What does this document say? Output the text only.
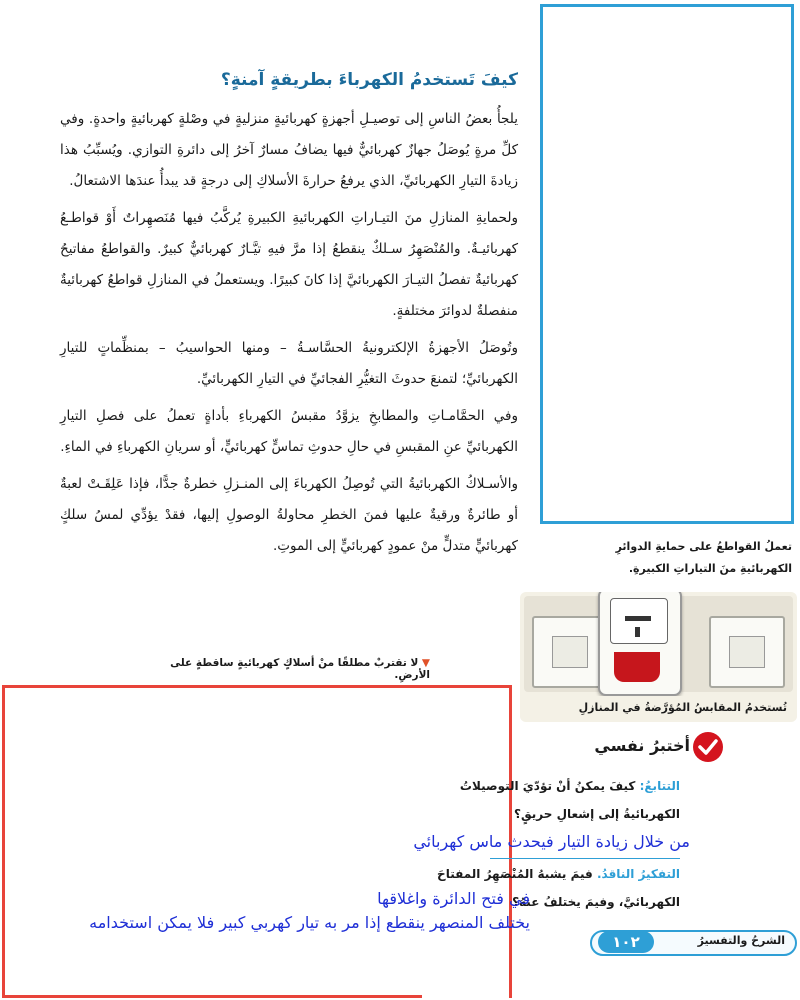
كيفَ تَستخدمُ الكهرباءَ بطريقةٍ آمنةٍ؟

يلجأُ بعضُ الناسِ إلى توصيـلِ أجهزةٍ كهربائيةٍ منزليةٍ في وصْلةٍ كهربائيةٍ واحدةٍ. وفي كلِّ مرةٍ يُوصَلُ جهازٌ كهربائيٌّ فيها يضافُ مسارٌ آخرُ إلى دائرةِ التوازي. ويُسبِّبُ هذا زيادةَ التيارِ الكهربائيِّ، الذي يرفعُ حرارةَ الأسلاكِ إلى درجةٍ قد يبدأُ عندَها الاشتعالُ.

ولحمايةِ المنازلِ منَ التيـاراتِ الكهربائيةِ الكبيرةِ يُركَّبُ فيها مُنَصهِراتٌ أَوْ قواطـعُ كهربائيـةٌ. والمُنْصَهِرُ سـلكٌ ينقطعُ إذا مرَّ فيهِ تيَّـارٌ كهربائيٌّ كبيرٌ. والقواطعُ مفاتيحُ كهربائيةٌ تفصلُ التيـارَ الكهربائيَّ إذا كانَ كبيرًا. ويستعملُ في المنازلِ قواطعُ كهربائيةٌ منفصلةٌ لدوائرَ مختلفةٍ.

وتُوصَلُ الأجهزةُ الإلكترونيةُ الحسَّاسـةُ – ومنها الحواسيبُ – بمنظِّماتٍ للتيارِ الكهربائيِّ؛ لتمنعَ حدوثَ التغيُّرِ الفجائيِّ في التيارِ الكهربائيِّ.

وفي الحمَّامـاتِ والمطابخِ يزوَّدُ مقبسُ الكهرباءِ بأداةٍ تعملُ على فصلِ التيارِ الكهربائيِّ عنِ المقبسِ في حالِ حدوثِ تماسٍّ كهربائيٍّ، أو سريانِ الكهرباءِ في الماءِ.

والأسـلاكُ الكهربائيةُ التي تُوصِلُ الكهرباءَ إلى المنـزلِ خطرةٌ جدًّا، فإذا عَلِقَـتْ لعبةٌ أو طائرةٌ ورقيةٌ عليها فمنَ الخطرِ محاولةُ الوصولِ إليها، فقدْ يؤدِّي لمسُ سلكٍ كهربائيٍّ متدلٍّ منْ عمودٍ كهربائيٍّ إلى الموتِ.

▼ لا تقتربْ مطلقًا منْ أسلاكٍ كهربائيةٍ ساقطةٍ على الأرضِ.
تعملُ القواطعُ على حمايةِ الدوائرِ
الكهربائيةِ منَ التياراتِ الكبيرةِ.
تُستخدمُ المقابسُ المُؤرَّضةُ في المنازلِ
أختبرُ نفسي
التتابعُ: كيفَ يمكنُ أنْ تؤدّيَ التوصيلاتُ
الكهربائيةُ إلى إشعالِ حريقٍ؟
من خلال زيادة التيار فيحدث ماس كهربائي
التفكيرُ الناقدُ. فيمَ يشبهُ المُنْصَهِرُ المفتاحَ
الكهربائيَّ، وفيمَ يختلفُ عنهُ؟
في فتح الدائرة واغلاقها
يختلف المنصهر ينقطع إذا مر به تيار كهربي كبير فلا يمكن استخدامه
١٠٢	الشرحُ والتفسيرُ
